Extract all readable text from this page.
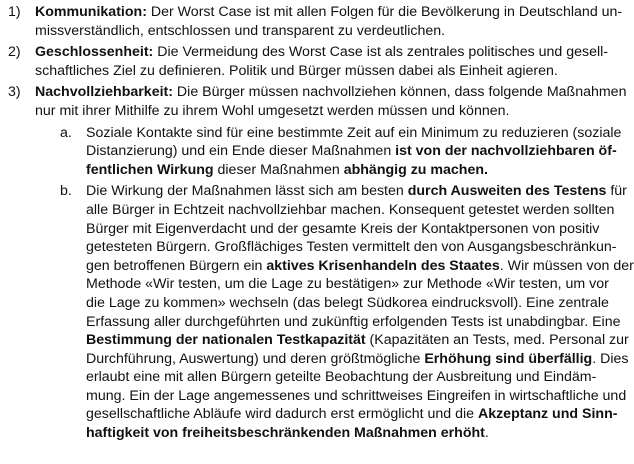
1) Kommunikation: Der Worst Case ist mit allen Folgen für die Bevölkerung in Deutschland un-
missverständlich, entschlossen und transparent zu verdeutlichen.
2) Geschlossenheit: Die Vermeidung des Worst Case ist als zentrales politisches und gesell-
schaftliches Ziel zu definieren. Politik und Bürger müssen dabei als Einheit agieren.
3) Nachvollziehbarkeit: Die Bürger müssen nachvollziehen können, dass folgende Maßnahmen
nur mit ihrer Mithilfe zu ihrem Wohl umgesetzt werden müssen und können.
a. Soziale Kontakte sind für eine bestimmte Zeit auf ein Minimum zu reduzieren (soziale
Distanzierung) und ein Ende dieser Maßnahmen ist von der nachvollziehbaren öf-
fentlichen Wirkung dieser Maßnahmen abhängig zu machen.
b. Die Wirkung der Maßnahmen lässt sich am besten durch Ausweiten des Testens für
alle Bürger in Echtzeit nachvollziehbar machen. Konsequent getestet werden sollten
Bürger mit Eigenverdacht und der gesamte Kreis der Kontaktpersonen von positiv
getesteten Bürgern. Großflächiges Testen vermittelt den von Ausgangsbeschränkun-
gen betroffenen Bürgern ein aktives Krisenhandeln des Staates. Wir müssen von der
Methode «Wir testen, um die Lage zu bestätigen» zur Methode «Wir testen, um vor
die Lage zu kommen» wechseln (das belegt Südkorea eindrucksvoll). Eine zentrale
Erfassung aller durchgeführten und zukünftig erfolgenden Tests ist unabdingbar. Eine
Bestimmung der nationalen Testkapazität (Kapazitäten an Tests, med. Personal zur
Durchführung, Auswertung) und deren größtmögliche Erhöhung sind überfällig. Dies
erlaubt eine mit allen Bürgern geteilte Beobachtung der Ausbreitung und Eindäm-
mung. Ein der Lage angemessenes und schrittweises Eingreifen in wirtschaftliche und
gesellschaftliche Abläufe wird dadurch erst ermöglicht und die Akzeptanz und Sinn-
haftigkeit von freiheitsbeschränkenden Maßnahmen erhöht.
